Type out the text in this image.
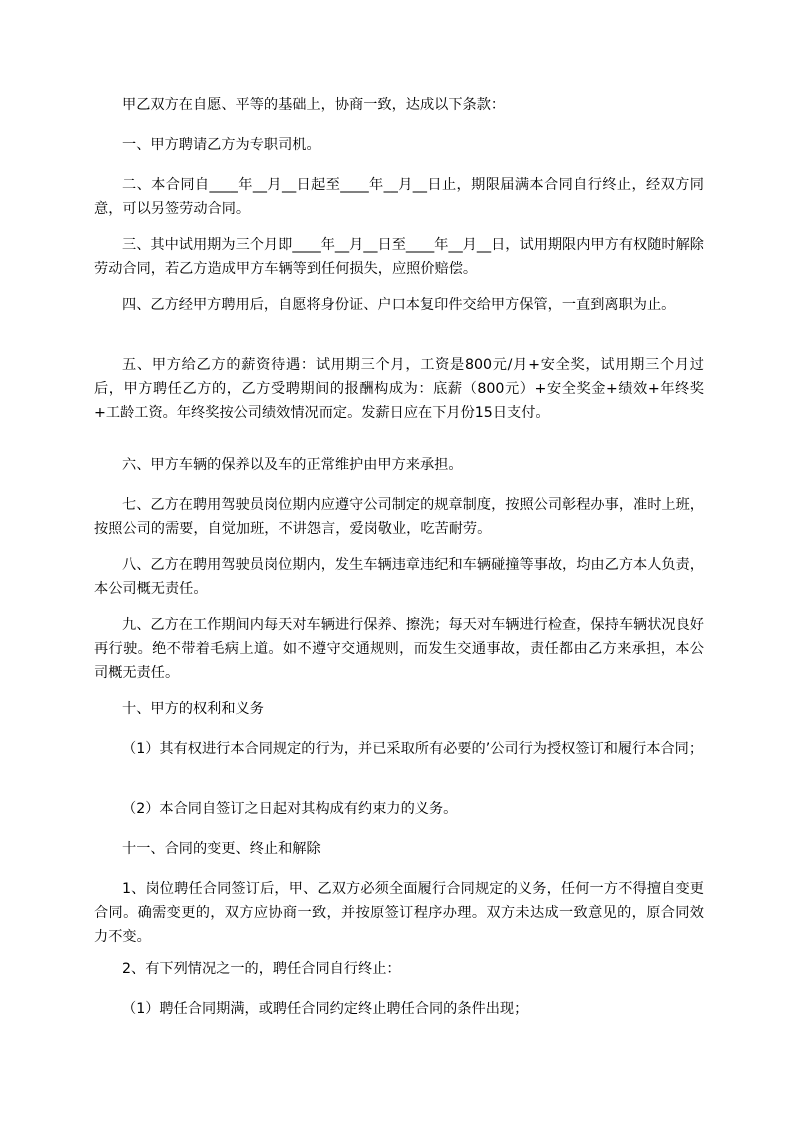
甲乙双方在自愿、平等的基础上，协商一致，达成以下条款：

一、甲方聘请乙方为专职司机。

二、本合同自____年__月__日起至____年__月__日止，期限届满本合同自行终止，经双方同意，可以另签劳动合同。

三、其中试用期为三个月即____年__月__日至____年__月__日，试用期限内甲方有权随时解除劳动合同，若乙方造成甲方车辆等到任何损失，应照价赔偿。

四、乙方经甲方聘用后，自愿将身份证、户口本复印件交给甲方保管，一直到离职为止。

五、甲方给乙方的薪资待遇：试用期三个月，工资是800元/月+安全奖，试用期三个月过后，甲方聘任乙方的，乙方受聘期间的报酬构成为：底薪（800元）+安全奖金+绩效+年终奖+工龄工资。年终奖按公司绩效情况而定。发薪日应在下月份15日支付。

六、甲方车辆的保养以及车的正常维护由甲方来承担。

七、乙方在聘用驾驶员岗位期内应遵守公司制定的规章制度，按照公司彰程办事，准时上班，按照公司的需要，自觉加班，不讲怨言，爱岗敬业，吃苦耐劳。

八、乙方在聘用驾驶员岗位期内，发生车辆违章违纪和车辆碰撞等事故，均由乙方本人负责，本公司概无责任。

九、乙方在工作期间内每天对车辆进行保养、擦洗；每天对车辆进行检查，保持车辆状况良好再行驶。绝不带着毛病上道。如不遵守交通规则，而发生交通事故，责任都由乙方来承担，本公司概无责任。

十、甲方的权利和义务

（1）其有权进行本合同规定的行为，并已采取所有必要的’公司行为授权签订和履行本合同；

（2）本合同自签订之日起对其构成有约束力的义务。

十一、合同的变更、终止和解除

1、岗位聘任合同签订后，甲、乙双方必须全面履行合同规定的义务，任何一方不得擅自变更合同。确需变更的，双方应协商一致，并按原签订程序办理。双方未达成一致意见的，原合同效力不变。

2、有下列情况之一的，聘任合同自行终止：

（1）聘任合同期满，或聘任合同约定终止聘任合同的条件出现；
